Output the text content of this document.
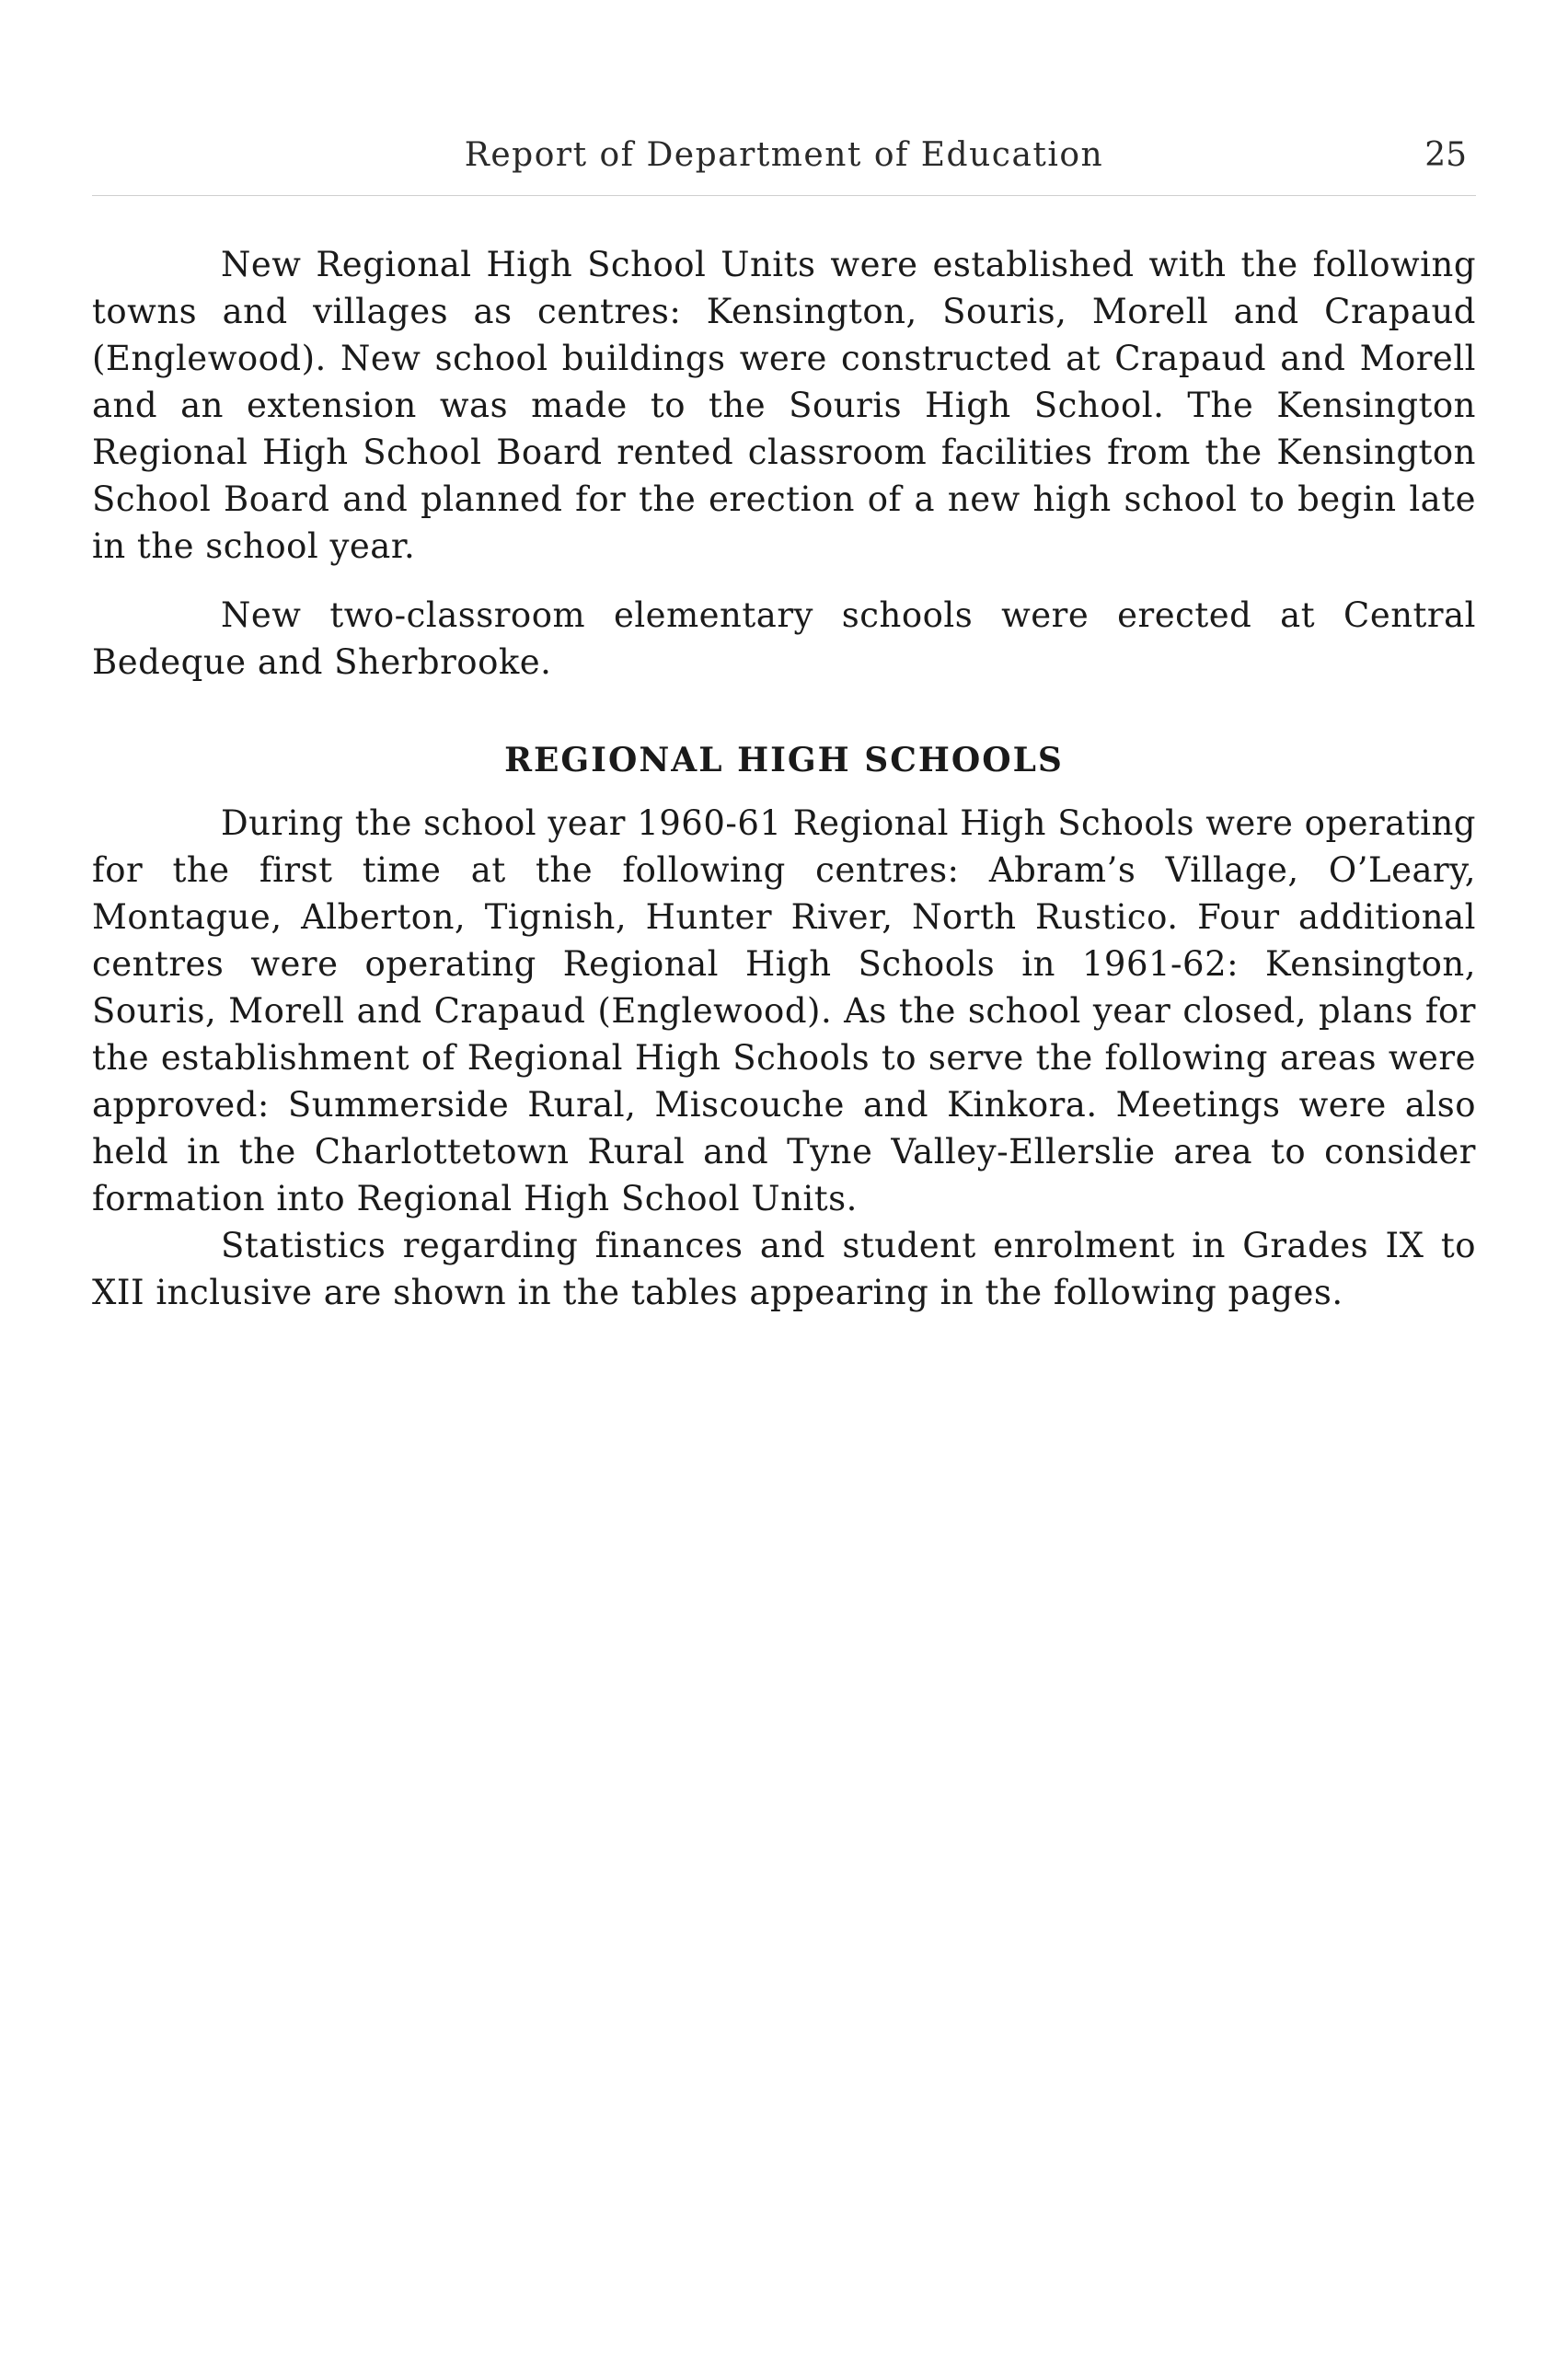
Report of Department of Education	25

New Regional High School Units were established with the following towns and villages as centres: Kensington, Souris, Morell and Crapaud (Englewood). New school buildings were constructed at Crapaud and Morell and an extension was made to the Souris High School. The Kensington Regional High School Board rented classroom facilities from the Kensington School Board and planned for the erection of a new high school to begin late in the school year.

New two-classroom elementary schools were erected at Central Bedeque and Sherbrooke.

REGIONAL HIGH SCHOOLS

During the school year 1960-61 Regional High Schools were operating for the first time at the following centres: Abram’s Village, O’Leary, Montague, Alberton, Tignish, Hunter River, North Rustico. Four additional centres were operating Regional High Schools in 1961-62: Kensington, Souris, Morell and Crapaud (Englewood). As the school year closed, plans for the establishment of Regional High Schools to serve the following areas were approved: Summerside Rural, Miscouche and Kinkora. Meetings were also held in the Charlottetown Rural and Tyne Valley-Ellerslie area to consider formation into Regional High School Units.

Statistics regarding finances and student enrolment in Grades IX to XII inclusive are shown in the tables appearing in the following pages.
